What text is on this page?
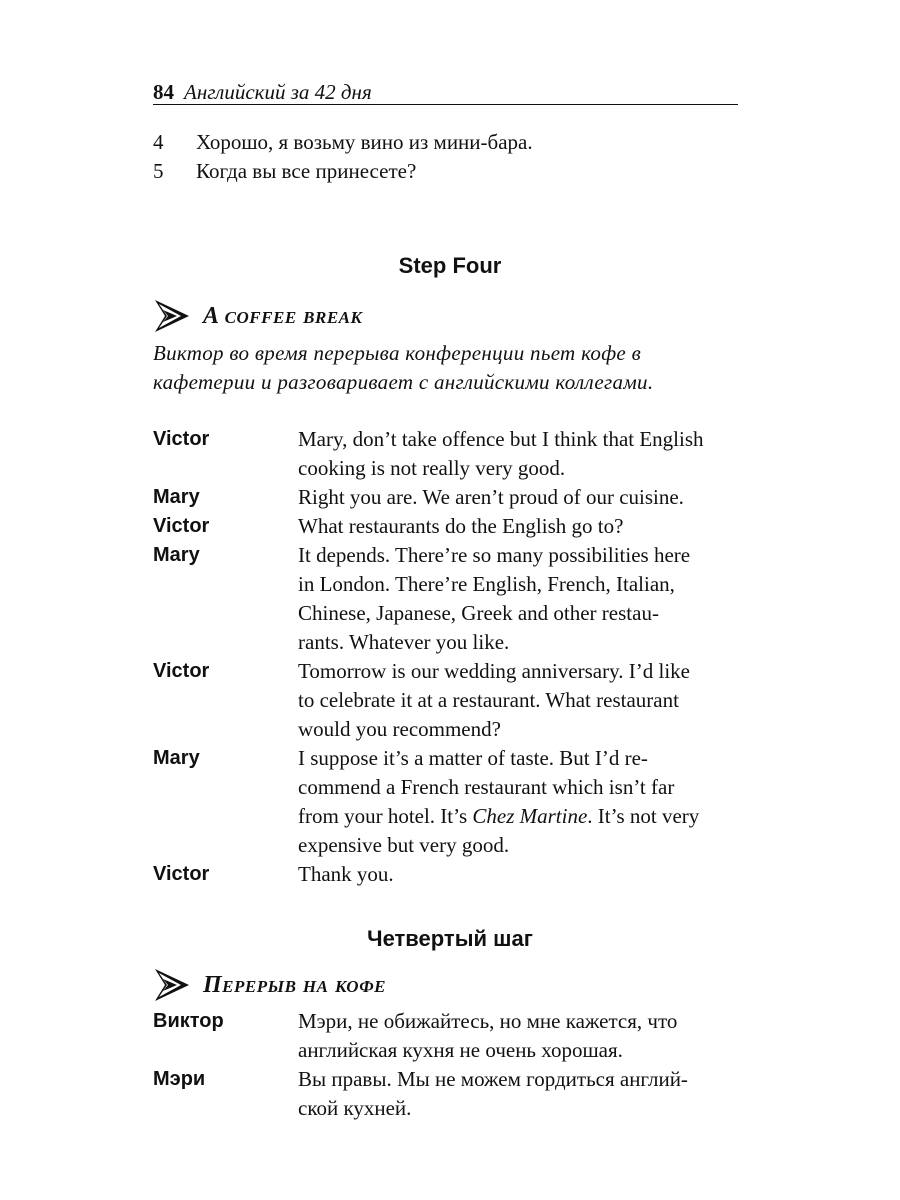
84 Английский за 42 дня
4	Хорошо, я возьму вино из мини-бара.
5	Когда вы все принесете?
Step Four
A coffee break
Виктор во время перерыва конференции пьет кофе в
кафетерии и разговаривает с английскими коллегами.
Victor	Mary, don’t take offence but I think that English
cooking is not really very good.
Mary	Right you are. We aren’t proud of our cuisine.
Victor	What restaurants do the English go to?
Mary	It depends. There’re so many possibilities here
in London. There’re English, French, Italian,
Chinese, Japanese, Greek and other restau-
rants. Whatever you like.
Victor	Tomorrow is our wedding anniversary. I’d like
to celebrate it at a restaurant. What restaurant
would you recommend?
Mary	I suppose it’s a matter of taste. But I’d re-
commend a French restaurant which isn’t far
from your hotel. It’s Chez Martine. It’s not very
expensive but very good.
Victor	Thank you.
Четвертый шаг
Перерыв на кофе
Виктор	Мэри, не обижайтесь, но мне кажется, что
английская кухня не очень хорошая.
Мэри	Вы правы. Мы не можем гордиться англий-
ской кухней.
